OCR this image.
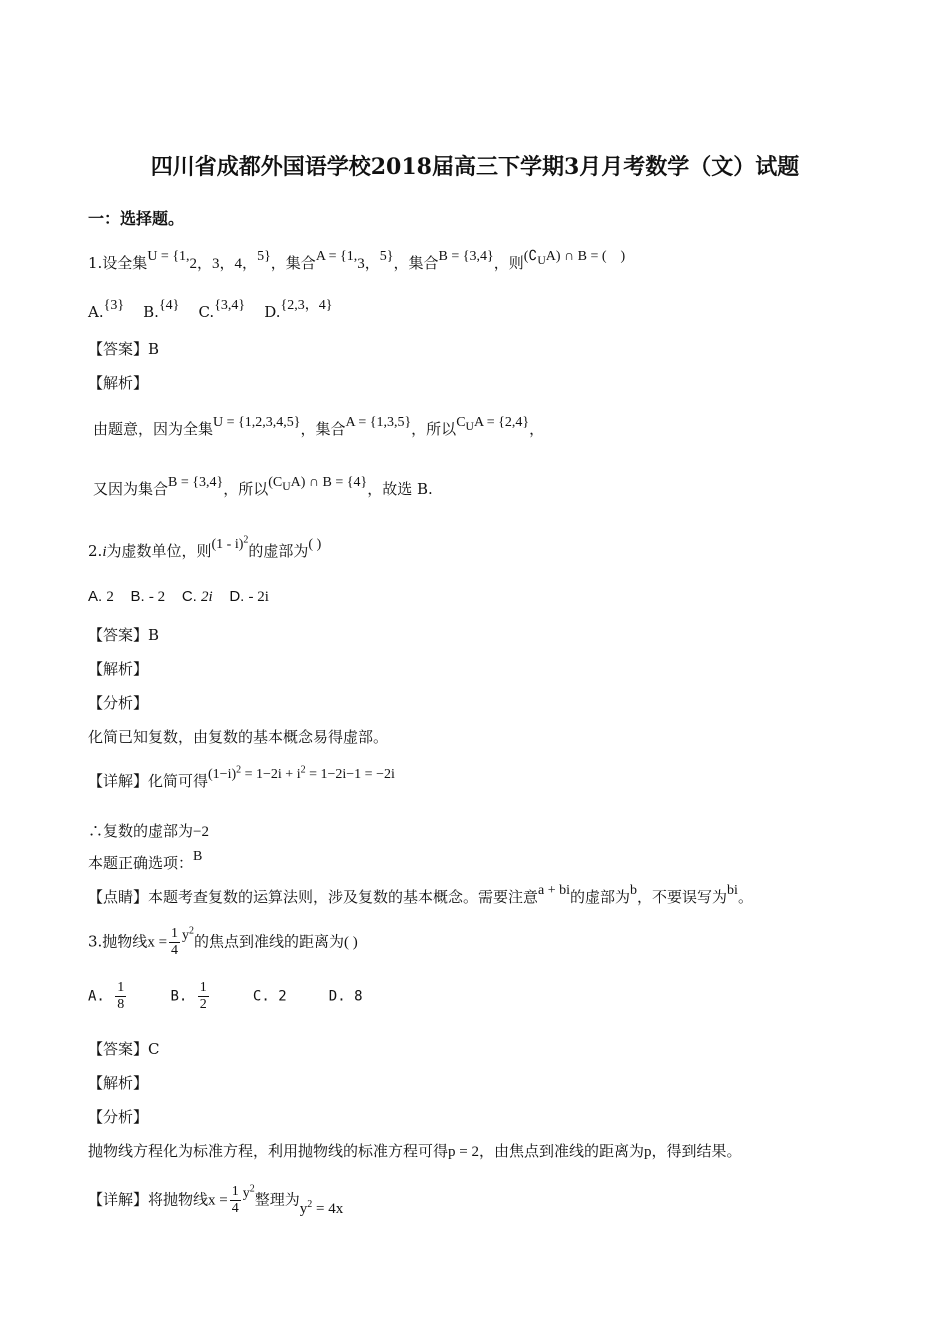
四川省成都外国语学校2018届高三下学期3月月考数学（文）试题
一：选择题。
1.设全集U = {1,2，3，4，5}，集合A = {1,3，5}，集合B = {3,4}，则$(∁_UA)$ ∩ B = ( )
A.{3} B.{4} C.{3,4} D.{2,3，4}
【答案】B
【解析】
由题意，因为全集U = {1,2,3,4,5}，集合A = {1,3,5}，所以$C_UA = \{2,4\}$，
又因为集合B = {3,4}，所以$(C_UA)$ ∩ B = {4}，故选 B.
2.i为虚数单位，则(1 - i)$^2$的虚部为( )
A. 2 B. - 2 C. 2i D. - 2i
【答案】B
【解析】
【分析】
化简已知复数，由复数的基本概念易得虚部。
【详解】化简可得$(1-i)^2 = 1-2i + i^2 = 1-2i-1 = -2i$
∴复数的虚部为−2
本题正确选项：B
【点睛】本题考查复数的运算法则，涉及复数的基本概念。需要注意a + bi的虚部为b，不要误写为bi。
3.抛物线$x = \frac{1}{4} y^2$的焦点到准线的距离为( )
A. $\frac{1}{8}$	B. $\frac{1}{2}$	C. 2	D. 8
【答案】C
【解析】
【分析】
抛物线方程化为标准方程，利用抛物线的标准方程可得p = 2，由焦点到准线的距离为p，得到结果。
【详解】将抛物线$x = \frac{1}{4} y^2$整理为$y^2 = 4x$
